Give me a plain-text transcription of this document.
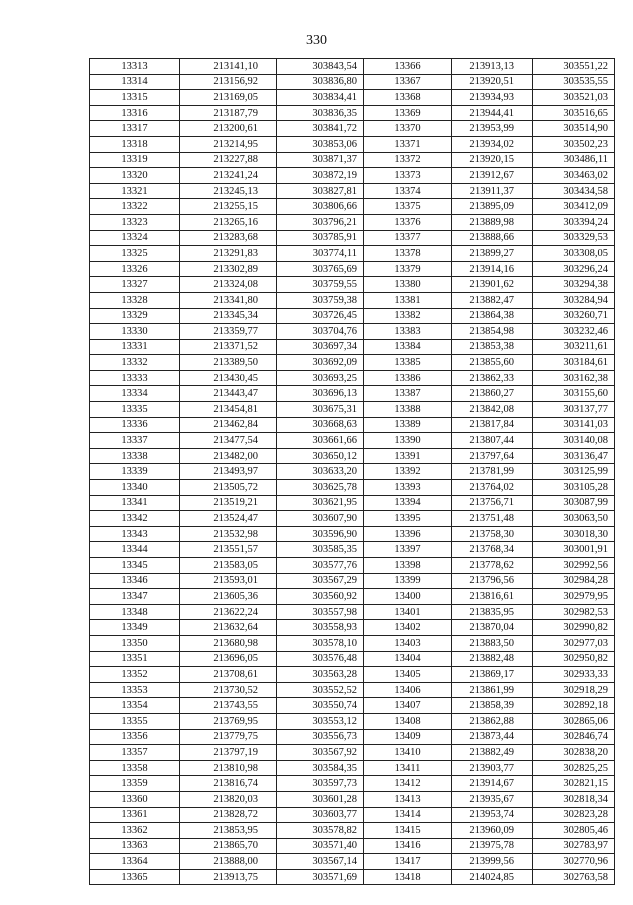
330
13313	213141,10	303843,54	13366	213913,13	303551,22
13314	213156,92	303836,80	13367	213920,51	303535,55
13315	213169,05	303834,41	13368	213934,93	303521,03
13316	213187,79	303836,35	13369	213944,41	303516,65
13317	213200,61	303841,72	13370	213953,99	303514,90
13318	213214,95	303853,06	13371	213934,02	303502,23
13319	213227,88	303871,37	13372	213920,15	303486,11
13320	213241,24	303872,19	13373	213912,67	303463,02
13321	213245,13	303827,81	13374	213911,37	303434,58
13322	213255,15	303806,66	13375	213895,09	303412,09
13323	213265,16	303796,21	13376	213889,98	303394,24
13324	213283,68	303785,91	13377	213888,66	303329,53
13325	213291,83	303774,11	13378	213899,27	303308,05
13326	213302,89	303765,69	13379	213914,16	303296,24
13327	213324,08	303759,55	13380	213901,62	303294,38
13328	213341,80	303759,38	13381	213882,47	303284,94
13329	213345,34	303726,45	13382	213864,38	303260,71
13330	213359,77	303704,76	13383	213854,98	303232,46
13331	213371,52	303697,34	13384	213853,38	303211,61
13332	213389,50	303692,09	13385	213855,60	303184,61
13333	213430,45	303693,25	13386	213862,33	303162,38
13334	213443,47	303696,13	13387	213860,27	303155,60
13335	213454,81	303675,31	13388	213842,08	303137,77
13336	213462,84	303668,63	13389	213817,84	303141,03
13337	213477,54	303661,66	13390	213807,44	303140,08
13338	213482,00	303650,12	13391	213797,64	303136,47
13339	213493,97	303633,20	13392	213781,99	303125,99
13340	213505,72	303625,78	13393	213764,02	303105,28
13341	213519,21	303621,95	13394	213756,71	303087,99
13342	213524,47	303607,90	13395	213751,48	303063,50
13343	213532,98	303596,90	13396	213758,30	303018,30
13344	213551,57	303585,35	13397	213768,34	303001,91
13345	213583,05	303577,76	13398	213778,62	302992,56
13346	213593,01	303567,29	13399	213796,56	302984,28
13347	213605,36	303560,92	13400	213816,61	302979,95
13348	213622,24	303557,98	13401	213835,95	302982,53
13349	213632,64	303558,93	13402	213870,04	302990,82
13350	213680,98	303578,10	13403	213883,50	302977,03
13351	213696,05	303576,48	13404	213882,48	302950,82
13352	213708,61	303563,28	13405	213869,17	302933,33
13353	213730,52	303552,52	13406	213861,99	302918,29
13354	213743,55	303550,74	13407	213858,39	302892,18
13355	213769,95	303553,12	13408	213862,88	302865,06
13356	213779,75	303556,73	13409	213873,44	302846,74
13357	213797,19	303567,92	13410	213882,49	302838,20
13358	213810,98	303584,35	13411	213903,77	302825,25
13359	213816,74	303597,73	13412	213914,67	302821,15
13360	213820,03	303601,28	13413	213935,67	302818,34
13361	213828,72	303603,77	13414	213953,74	302823,28
13362	213853,95	303578,82	13415	213960,09	302805,46
13363	213865,70	303571,40	13416	213975,78	302783,97
13364	213888,00	303567,14	13417	213999,56	302770,96
13365	213913,75	303571,69	13418	214024,85	302763,58
